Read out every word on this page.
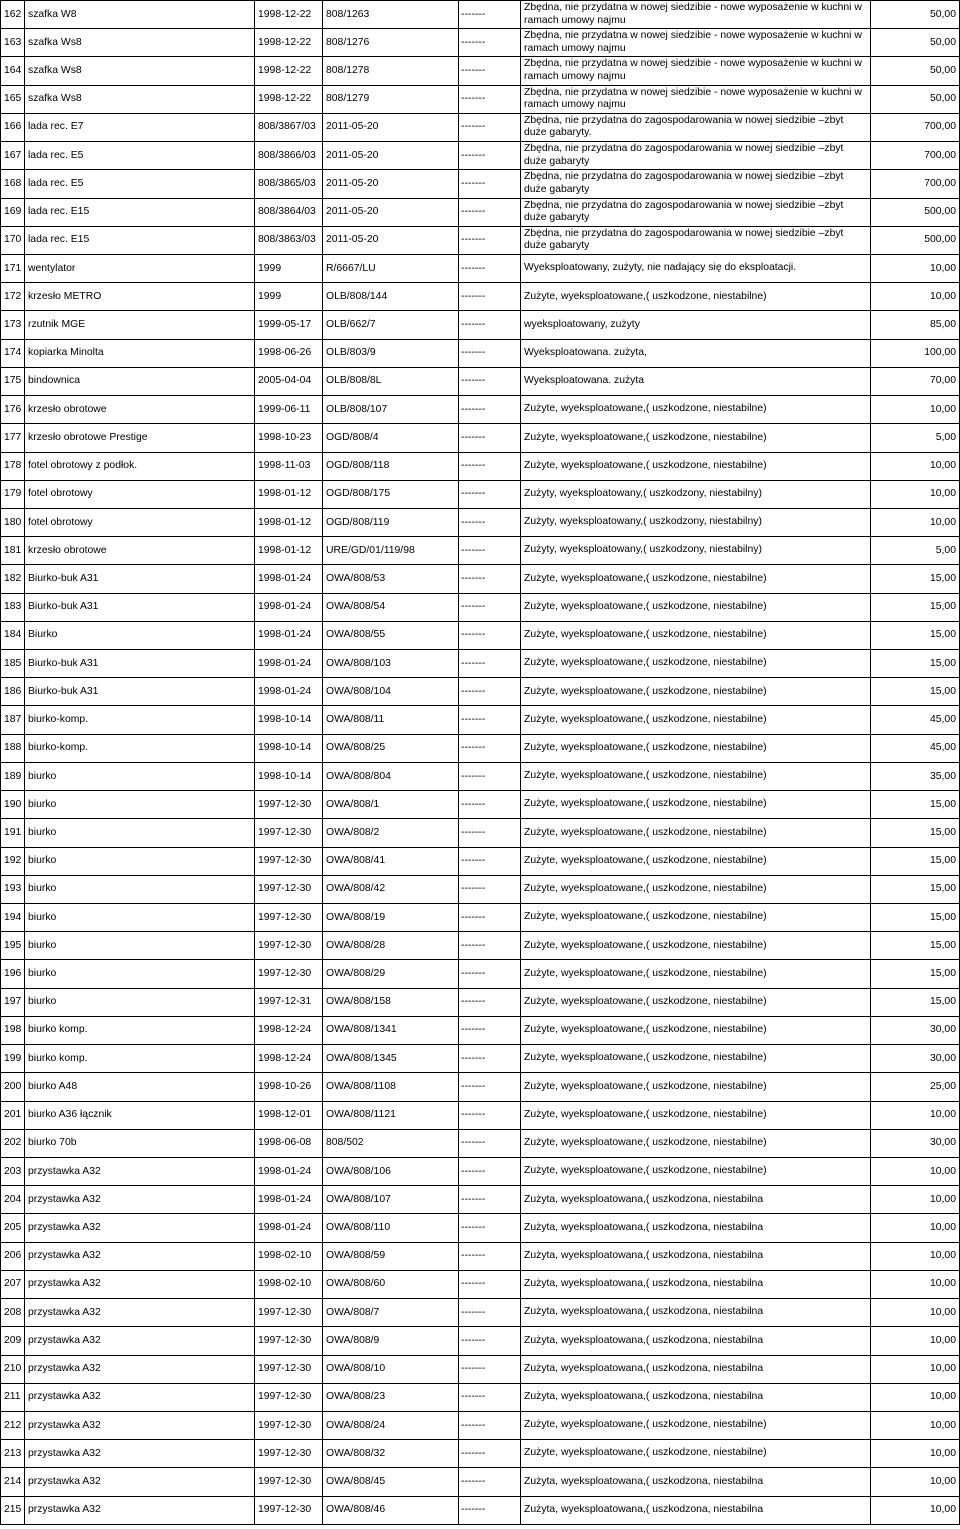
162	szafka W8	1998-12-22	808/1263	-------	Zbędna, nie przydatna w nowej siedzibie - nowe wyposażenie w kuchni w ramach umowy najmu	50,00
163	szafka Ws8	1998-12-22	808/1276	-------	Zbędna, nie przydatna w nowej siedzibie - nowe wyposażenie w kuchni w ramach umowy najmu	50,00
164	szafka Ws8	1998-12-22	808/1278	-------	Zbędna, nie przydatna w nowej siedzibie - nowe wyposażenie w kuchni w ramach umowy najmu	50,00
165	szafka Ws8	1998-12-22	808/1279	-------	Zbędna, nie przydatna w nowej siedzibie - nowe wyposażenie w kuchni w ramach umowy najmu	50,00
166	lada rec. E7	808/3867/03	2011-05-20	-------	Zbędna, nie przydatna do zagospodarowania w nowej siedzibie –zbyt duże gabaryty.	700,00
167	lada rec. E5	808/3866/03	2011-05-20	-------	Zbędna, nie przydatna do zagospodarowania w nowej siedzibie –zbyt duże gabaryty	700,00
168	lada rec. E5	808/3865/03	2011-05-20	-------	Zbędna, nie przydatna do zagospodarowania w nowej siedzibie –zbyt duże gabaryty	700,00
169	lada rec. E15	808/3864/03	2011-05-20	-------	Zbędna, nie przydatna do zagospodarowania w nowej siedzibie –zbyt duże gabaryty	500,00
170	lada rec. E15	808/3863/03	2011-05-20	-------	Zbędna, nie przydatna do zagospodarowania w nowej siedzibie –zbyt duże gabaryty	500,00
171	wentylator	1999	R/6667/LU	-------	Wyeksploatowany, zużyty, nie nadający się do eksploatacji.	10,00
172	krzesło METRO	1999	OLB/808/144	-------	Zużyte, wyeksploatowane,( uszkodzone, niestabilne)	10,00
173	rzutnik MGE	1999-05-17	OLB/662/7	-------	wyeksploatowany, zużyty	85,00
174	kopiarka Minolta	1998-06-26	OLB/803/9	-------	Wyeksploatowana. zużyta,	100,00
175	bindownica	2005-04-04	OLB/808/8L	-------	Wyeksploatowana. zużyta	70,00
176	krzesło obrotowe	1999-06-11	OLB/808/107	-------	Zużyte, wyeksploatowane,( uszkodzone, niestabilne)	10,00
177	krzesło obrotowe Prestige	1998-10-23	OGD/808/4	-------	Zużyte, wyeksploatowane,( uszkodzone, niestabilne)	5,00
178	fotel obrotowy z podłok.	1998-11-03	OGD/808/118	-------	Zużyte, wyeksploatowane,( uszkodzone, niestabilne)	10,00
179	fotel obrotowy	1998-01-12	OGD/808/175	-------	Zużyty, wyeksploatowany,( uszkodzony, niestabilny)	10,00
180	fotel obrotowy	1998-01-12	OGD/808/119	-------	Zużyty, wyeksploatowany,( uszkodzony, niestabilny)	10,00
181	krzesło obrotowe	1998-01-12	URE/GD/01/119/98	-------	Zużyty, wyeksploatowany,( uszkodzony, niestabilny)	5,00
182	Biurko-buk A31	1998-01-24	OWA/808/53	-------	Zużyte, wyeksploatowane,( uszkodzone, niestabilne)	15,00
183	Biurko-buk A31	1998-01-24	OWA/808/54	-------	Zużyte, wyeksploatowane,( uszkodzone, niestabilne)	15,00
184	Biurko	1998-01-24	OWA/808/55	-------	Zużyte, wyeksploatowane,( uszkodzone, niestabilne)	15,00
185	Biurko-buk A31	1998-01-24	OWA/808/103	-------	Zużyte, wyeksploatowane,( uszkodzone, niestabilne)	15,00
186	Biurko-buk A31	1998-01-24	OWA/808/104	-------	Zużyte, wyeksploatowane,( uszkodzone, niestabilne)	15,00
187	biurko-komp.	1998-10-14	OWA/808/11	-------	Zużyte, wyeksploatowane,( uszkodzone, niestabilne)	45,00
188	biurko-komp.	1998-10-14	OWA/808/25	-------	Zużyte, wyeksploatowane,( uszkodzone, niestabilne)	45,00
189	biurko	1998-10-14	OWA/808/804	-------	Zużyte, wyeksploatowane,( uszkodzone, niestabilne)	35,00
190	biurko	1997-12-30	OWA/808/1	-------	Zużyte, wyeksploatowane,( uszkodzone, niestabilne)	15,00
191	biurko	1997-12-30	OWA/808/2	-------	Zużyte, wyeksploatowane,( uszkodzone, niestabilne)	15,00
192	biurko	1997-12-30	OWA/808/41	-------	Zużyte, wyeksploatowane,( uszkodzone, niestabilne)	15,00
193	biurko	1997-12-30	OWA/808/42	-------	Zużyte, wyeksploatowane,( uszkodzone, niestabilne)	15,00
194	biurko	1997-12-30	OWA/808/19	-------	Zużyte, wyeksploatowane,( uszkodzone, niestabilne)	15,00
195	biurko	1997-12-30	OWA/808/28	-------	Zużyte, wyeksploatowane,( uszkodzone, niestabilne)	15,00
196	biurko	1997-12-30	OWA/808/29	-------	Zużyte, wyeksploatowane,( uszkodzone, niestabilne)	15,00
197	biurko	1997-12-31	OWA/808/158	-------	Zużyte, wyeksploatowane,( uszkodzone, niestabilne)	15,00
198	biurko komp.	1998-12-24	OWA/808/1341	-------	Zużyte, wyeksploatowane,( uszkodzone, niestabilne)	30,00
199	biurko komp.	1998-12-24	OWA/808/1345	-------	Zużyte, wyeksploatowane,( uszkodzone, niestabilne)	30,00
200	biurko A48	1998-10-26	OWA/808/1108	-------	Zużyte, wyeksploatowane,( uszkodzone, niestabilne)	25,00
201	biurko A36 łącznik	1998-12-01	OWA/808/1121	-------	Zużyte, wyeksploatowane,( uszkodzone, niestabilne)	10,00
202	biurko 70b	1998-06-08	808/502	-------	Zużyte, wyeksploatowane,( uszkodzone, niestabilne)	30,00
203	przystawka A32	1998-01-24	OWA/808/106	-------	Zużyte, wyeksploatowane,( uszkodzone, niestabilne)	10,00
204	przystawka A32	1998-01-24	OWA/808/107	-------	Zużyta, wyeksploatowana,( uszkodzona, niestabilna	10,00
205	przystawka A32	1998-01-24	OWA/808/110	-------	Zużyta, wyeksploatowana,( uszkodzona, niestabilna	10,00
206	przystawka A32	1998-02-10	OWA/808/59	-------	Zużyta, wyeksploatowana,( uszkodzona, niestabilna	10,00
207	przystawka A32	1998-02-10	OWA/808/60	-------	Zużyta, wyeksploatowana,( uszkodzona, niestabilna	10,00
208	przystawka A32	1997-12-30	OWA/808/7	-------	Zużyta, wyeksploatowana,( uszkodzona, niestabilna	10,00
209	przystawka A32	1997-12-30	OWA/808/9	-------	Zużyta, wyeksploatowana,( uszkodzona, niestabilna	10,00
210	przystawka A32	1997-12-30	OWA/808/10	-------	Zużyta, wyeksploatowana,( uszkodzona, niestabilna	10,00
211	przystawka A32	1997-12-30	OWA/808/23	-------	Zużyta, wyeksploatowana,( uszkodzona, niestabilna	10,00
212	przystawka A32	1997-12-30	OWA/808/24	-------	Zużyte, wyeksploatowane,( uszkodzone, niestabilne)	10,00
213	przystawka A32	1997-12-30	OWA/808/32	-------	Zużyte, wyeksploatowane,( uszkodzone, niestabilne)	10,00
214	przystawka A32	1997-12-30	OWA/808/45	-------	Zużyta, wyeksploatowana,( uszkodzona, niestabilna	10,00
215	przystawka A32	1997-12-30	OWA/808/46	-------	Zużyta, wyeksploatowana,( uszkodzona, niestabilna	10,00
